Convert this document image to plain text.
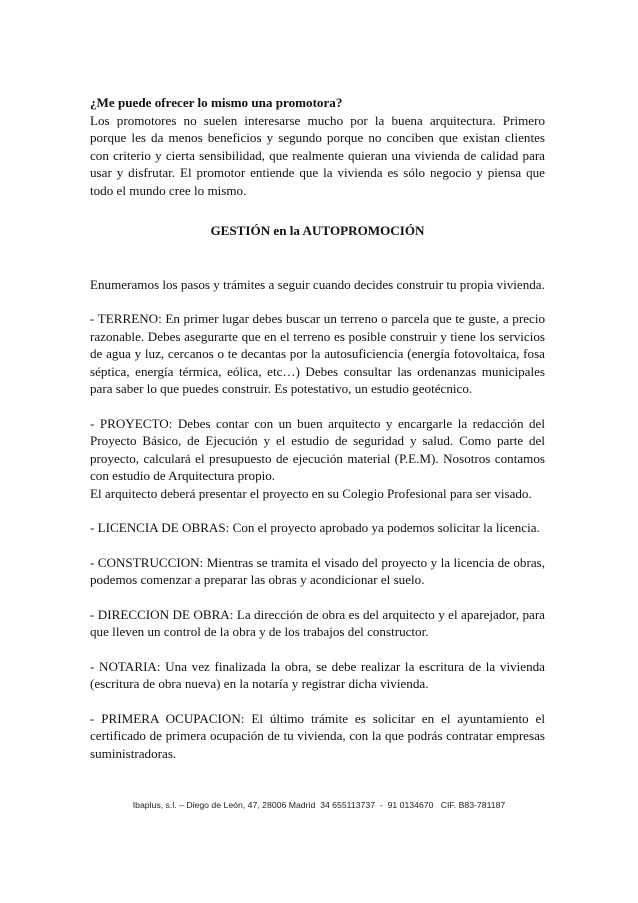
¿Me puede ofrecer lo mismo una promotora?

Los promotores no suelen interesarse mucho por la buena arquitectura. Primero porque les da menos beneficios y segundo porque no conciben que existan clientes con criterio y cierta sensibilidad, que realmente quieran una vivienda de calidad para usar y disfrutar. El promotor entiende que la vivienda es sólo negocio y piensa que todo el mundo cree lo mismo.

GESTIÓN en la AUTOPROMOCIÓN

Enumeramos los pasos y trámites a seguir cuando decides construir tu propia vivienda.

- TERRENO: En primer lugar debes buscar un terreno o parcela que te guste, a precio razonable. Debes asegurarte que en el terreno es posible construir y tiene los servicios de agua y luz, cercanos o te decantas por la autosuficiencia (energía fotovoltaica, fosa séptica, energía térmica, eólica, etc…) Debes consultar las ordenanzas municipales para saber lo que puedes construir. Es potestativo, un estudio geotécnico.

- PROYECTO: Debes contar con un buen arquitecto y encargarle la redacción del Proyecto Básico, de Ejecución y el estudio de seguridad y salud. Como parte del proyecto, calculará el presupuesto de ejecución material (P.E.M). Nosotros contamos con estudio de Arquitectura propio.

El arquitecto deberá presentar el proyecto en su Colegio Profesional para ser visado.

- LICENCIA DE OBRAS: Con el proyecto aprobado ya podemos solicitar la licencia.

- CONSTRUCCION: Mientras se tramita el visado del proyecto y la licencia de obras, podemos comenzar a preparar las obras y acondicionar el suelo.

- DIRECCION DE OBRA: La dirección de obra es del arquitecto y el aparejador, para que lleven un control de la obra y de los trabajos del constructor.

- NOTARIA: Una vez finalizada la obra, se debe realizar la escritura de la vivienda (escritura de obra nueva) en la notaría y registrar dicha vivienda.

- PRIMERA OCUPACION: El último trámite es solicitar en el ayuntamiento el certificado de primera ocupación de tu vivienda, con la que podrás contratar empresas suministradoras.

Ibaplus, s.l. – Diego de León, 47, 28006 Madrid  34 655113737  -  91 0134670   CIF. B83-781187
